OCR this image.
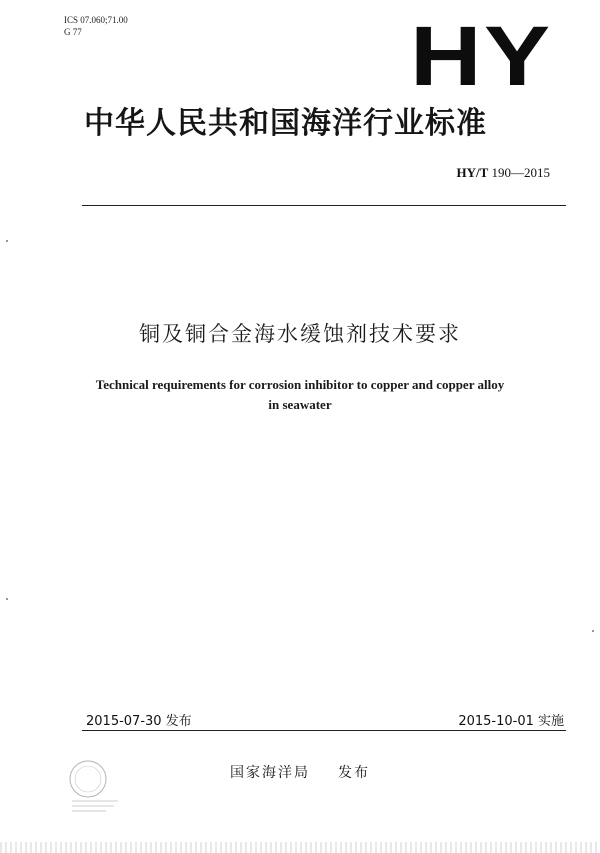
ICS 07.060;71.00
G 77	HY
中华人民共和国海洋行业标准
HY/T 190—2015
铜及铜合金海水缓蚀剂技术要求
Technical requirements for corrosion inhibitor to copper and copper alloy
in seawater
2015-07-30 发布	2015-10-01 实施
国家海洋局 发布
